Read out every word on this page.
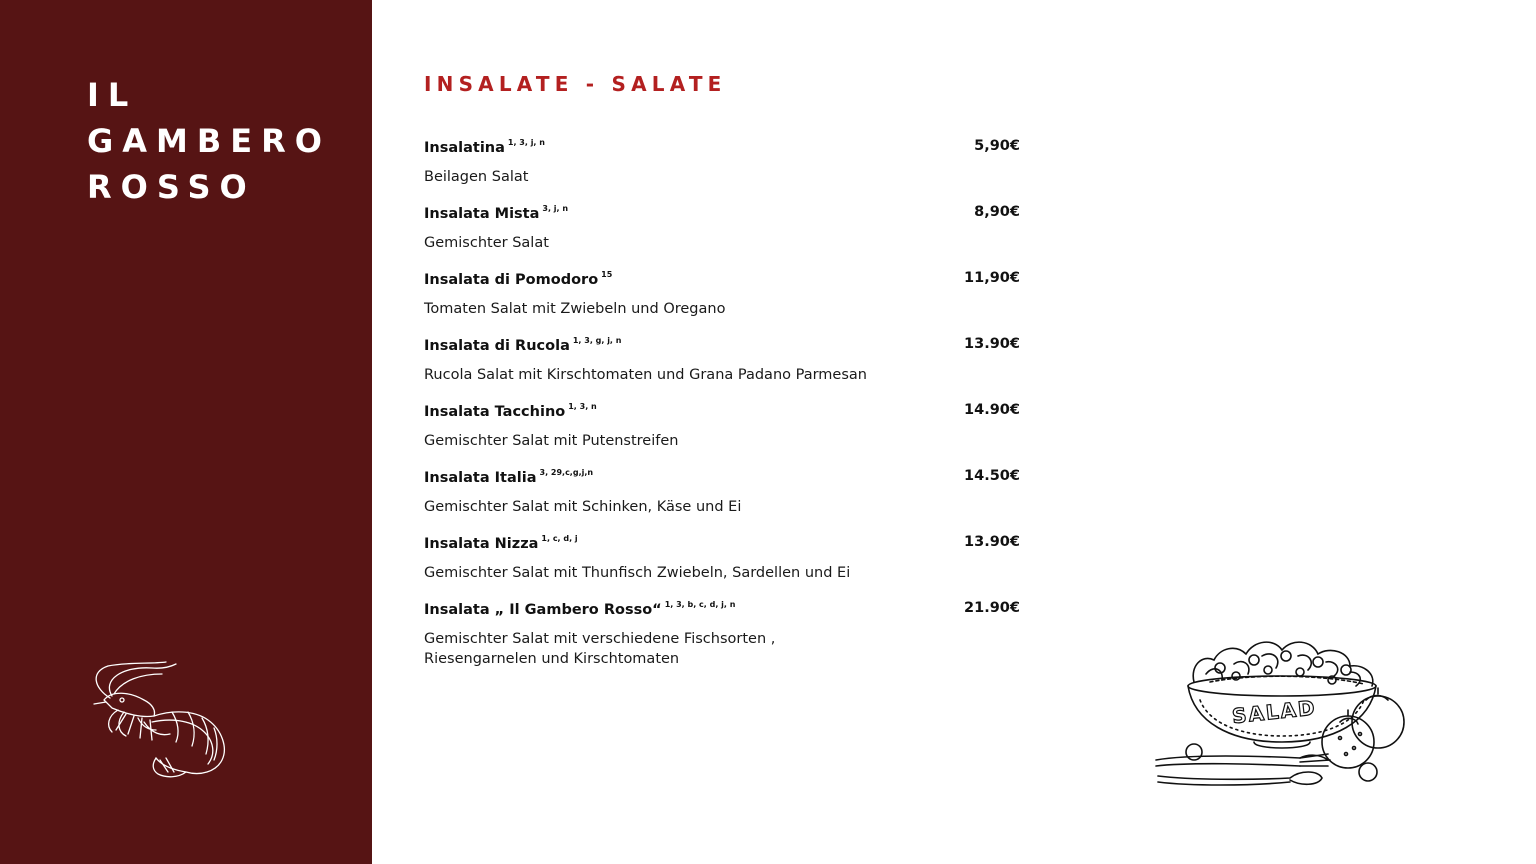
IL
GAMBERO
ROSSO
INSALATE - SALATE
Insalatina $^{1, 3, j, n}$	5,90€
Beilagen Salat
Insalata Mista $^{3, j, n}$	8,90€
Gemischter Salat
Insalata di Pomodoro $^{15}$	11,90€
Tomaten Salat mit Zwiebeln und Oregano
Insalata di Rucola $^{1, 3, g, j, n}$	13.90€
Rucola Salat mit Kirschtomaten und Grana Padano Parmesan
Insalata Tacchino $^{1, 3, n}$	14.90€
Gemischter Salat mit Putenstreifen
Insalata Italia $^{3, 29,c,g,j,n}$	14.50€
Gemischter Salat mit Schinken, Käse und Ei
Insalata Nizza $^{1, c, d, j}$	13.90€
Gemischter Salat mit Thunfisch Zwiebeln, Sardellen und Ei
Insalata „ Il Gambero Rosso“ $^{1, 3, b, c, d, j, n}$	21.90€
Gemischter Salat mit verschiedene Fischsorten ,
Riesengarnelen und Kirschtomaten
SALAD
